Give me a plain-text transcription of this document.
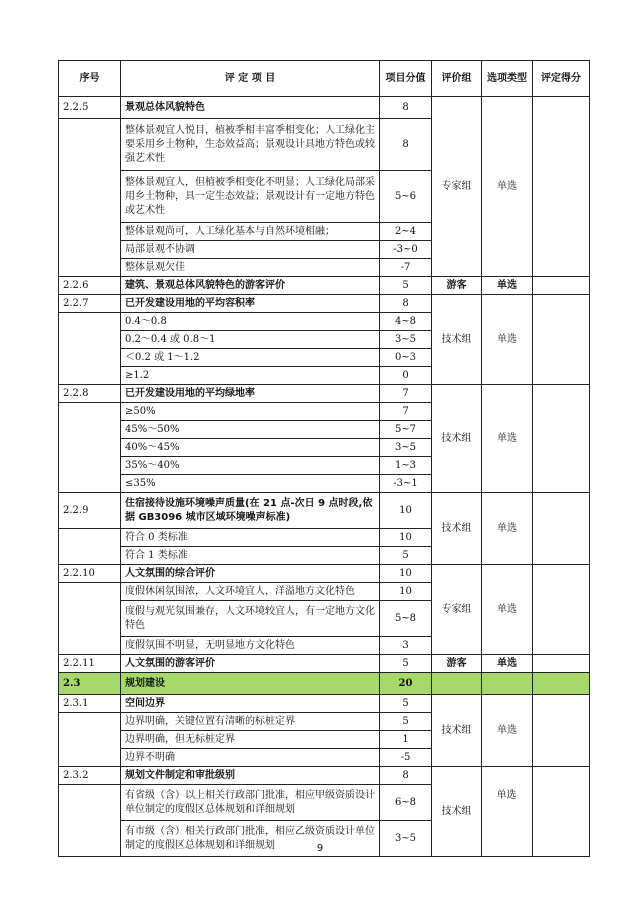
序号	评 定 项 目	项目分值	评价组	选项类型	评定得分
2.2.5	景观总体风貌特色	8	专家组	单选	
	整体景观宜人悦目，植被季相丰富季相变化；人工绿化主要采用乡土物种，生态效益高；景观设计具地方特色或较强艺术性	8			
	整体景观宜人，但植被季相变化不明显；人工绿化局部采用乡土物种，具一定生态效益；景观设计有一定地方特色或艺术性	5~6			
	整体景观尚可，人工绿化基本与自然环境相融；	2~4			
	局部景观不协调	-3~0			
	整体景观欠佳	-7			
2.2.6	建筑、景观总体风貌特色的游客评价	5	游客	单选	
2.2.7	已开发建设用地的平均容积率	8	技术组	单选	
	0.4～0.8	4~8			
	0.2～0.4 或 0.8～1	3~5			
	＜0.2 或 1～1.2	0~3			
	≥1.2	0			
2.2.8	已开发建设用地的平均绿地率	7	技术组	单选	
	≥50%	7			
	45%～50%	5~7			
	40%～45%	3~5			
	35%～40%	1~3			
	≤35%	-3~1			
2.2.9	住宿接待设施环境噪声质量(在 21 点-次日 9 点时段,依据 GB3096 城市区域环境噪声标准)	10	技术组	单选	
	符合 0 类标准	10			
	符合 1 类标准	5			
2.2.10	人文氛围的综合评价	10	专家组	单选	
	度假休闲氛围浓，人文环境宜人，洋溢地方文化特色	10			
	度假与观光氛围兼存，人文环境较宜人，有一定地方文化特色	5~8			
	度假氛围不明显，无明显地方文化特色	3			
2.2.11	人文氛围的游客评价	5	游客	单选	
2.3	规划建设	20			
2.3.1	空间边界	5	技术组	单选	
	边界明确，关键位置有清晰的标桩定界	5			
	边界明确，但无标桩定界	1			
	边界不明确	-5			
2.3.2	规划文件制定和审批级别	8	技术组		
	有省级（含）以上相关行政部门批准，相应甲级资质设计单位制定的度假区总体规划和详细规划	6~8			
	有市级（含）相关行政部门批准，相应乙级资质设计单位制定的度假区总体规划和详细规划	3~5			
单选
9
